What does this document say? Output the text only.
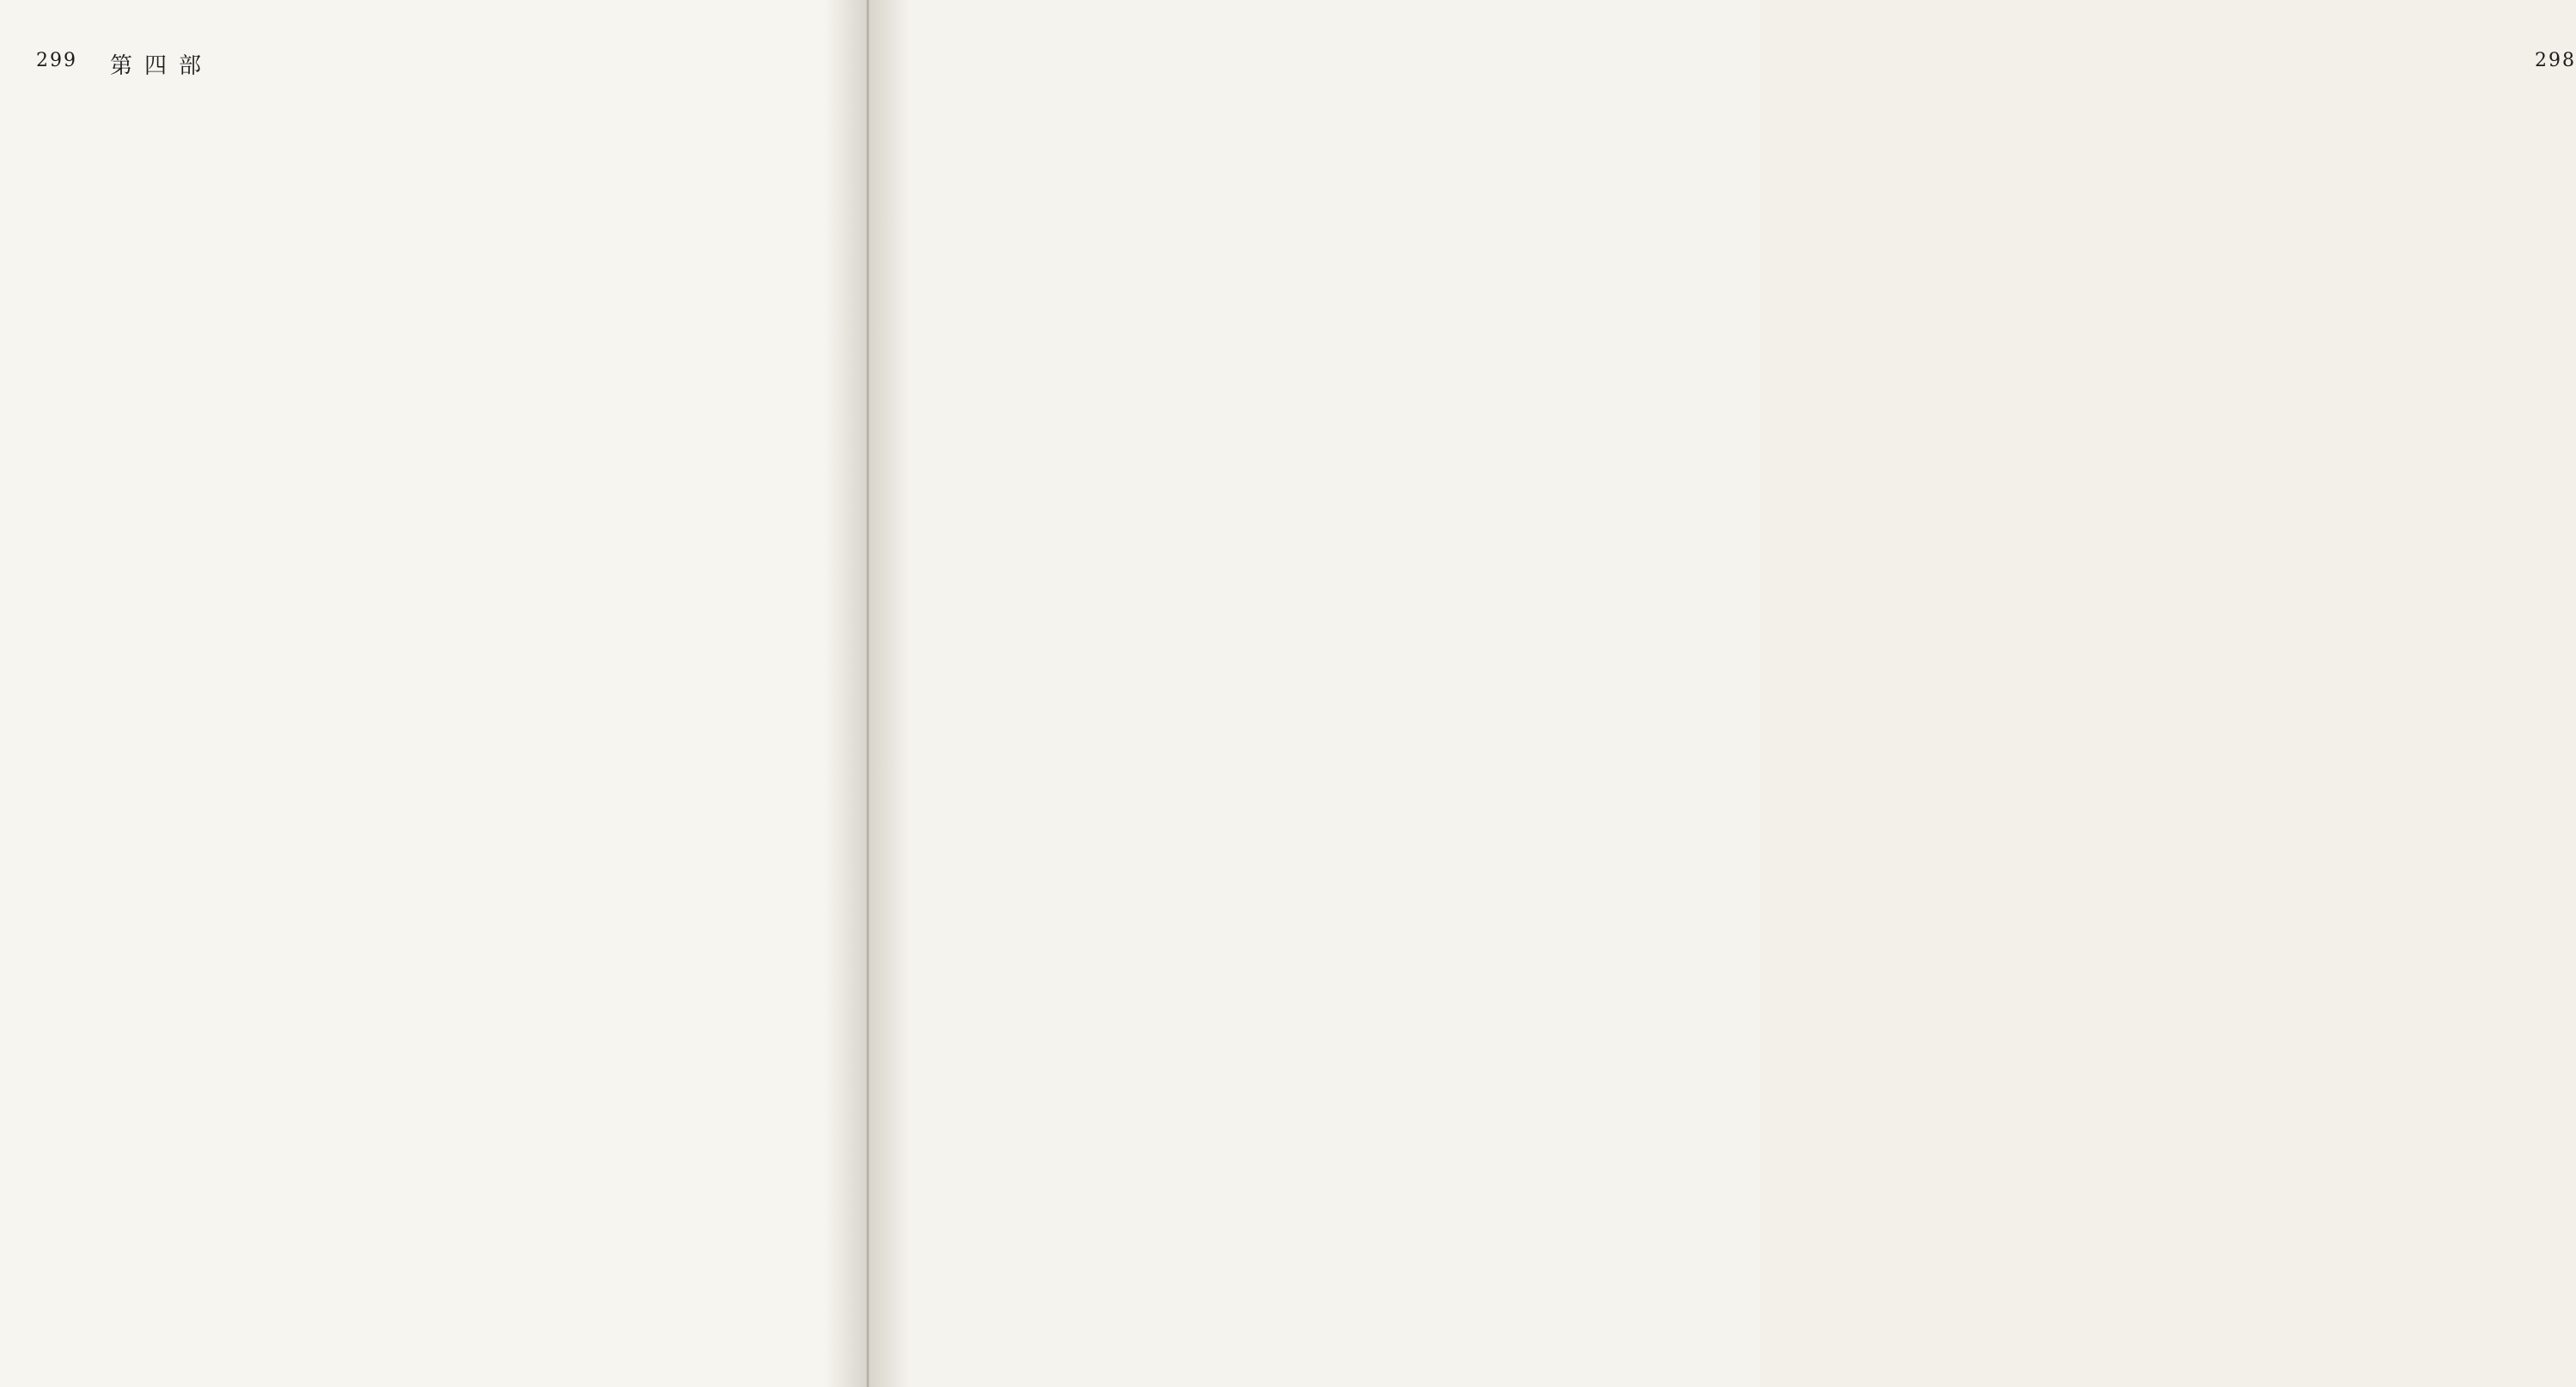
299 第四部	298
